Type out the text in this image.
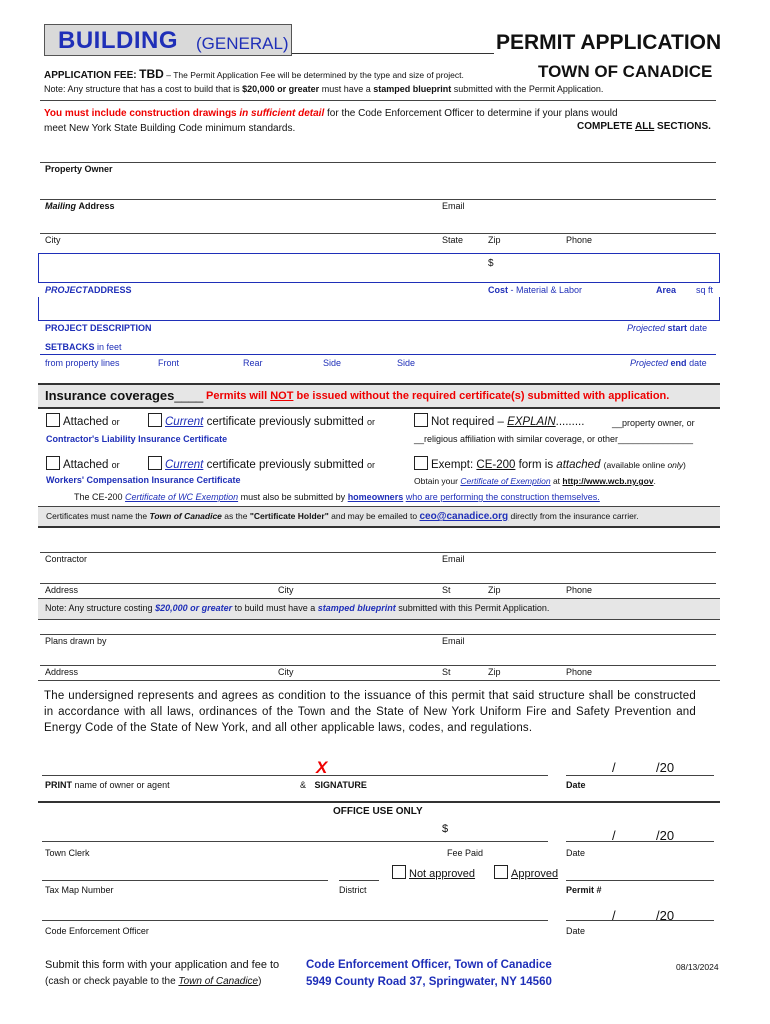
BUILDING (GENERAL)	PERMIT APPLICATION
TOWN OF CANADICE
APPLICATION FEE: TBD – The Permit Application Fee will be determined by the type and size of project.
Note: Any structure that has a cost to build that is $20,000 or greater must have a stamped blueprint submitted with the Permit Application.
You must include construction drawings in sufficient detail for the Code Enforcement Officer to determine if your plans would
meet New York State Building Code minimum standards.	COMPLETE ALL SECTIONS.
Property Owner
Mailing Address	Email
City	State	Zip	Phone
$
PROJECTADDRESS	Cost - Material & Labor	Area sq ft
PROJECT DESCRIPTION	Projected start date
SETBACKS in feet
from property lines	Front	Rear	Side	Side	Projected end date
Insurance coverages____ Permits will NOT be issued without the required certificate(s) submitted with application.
Attached or	Current certificate previously submitted or	Not required – EXPLAIN.........	__property owner, or
Contractor's Liability Insurance Certificate	__religious affiliation with similar coverage, or other_______________
Attached or	Current certificate previously submitted or	Exempt: CE-200 form is attached (available online only)
Workers' Compensation Insurance Certificate	Obtain your Certificate of Exemption at http://www.wcb.ny.gov.
The CE-200 Certificate of WC Exemption must also be submitted by homeowners who are performing the construction themselves.
Certificates must name the Town of Canadice as the "Certificate Holder" and may be emailed to ceo@canadice.org directly from the insurance carrier.
Contractor	Email
Address	City	St	Zip	Phone
Note: Any structure costing $20,000 or greater to build must have a stamped blueprint submitted with this Permit Application.
Plans drawn by	Email
Address	City	St	Zip	Phone
The undersigned represents and agrees as condition to the issuance of this permit that said structure shall be constructed in accordance with all laws, ordinances of the Town and the State of New York Uniform Fire and Safety Prevention and Energy Code of the State of New York, and all other applicable laws, codes, and regulations.
X	/	/20
PRINT name of owner or agent	& SIGNATURE	Date
OFFICE USE ONLY
$	/	/20
Town Clerk	Fee Paid	Date
Not approved	Approved
Tax Map Number	District	Permit #
/	/20
Code Enforcement Officer	Date
Submit this form with your application and fee to
(cash or check payable to the Town of Canadice)
Code Enforcement Officer, Town of Canadice
5949 County Road 37, Springwater, NY 14560
08/13/2024
